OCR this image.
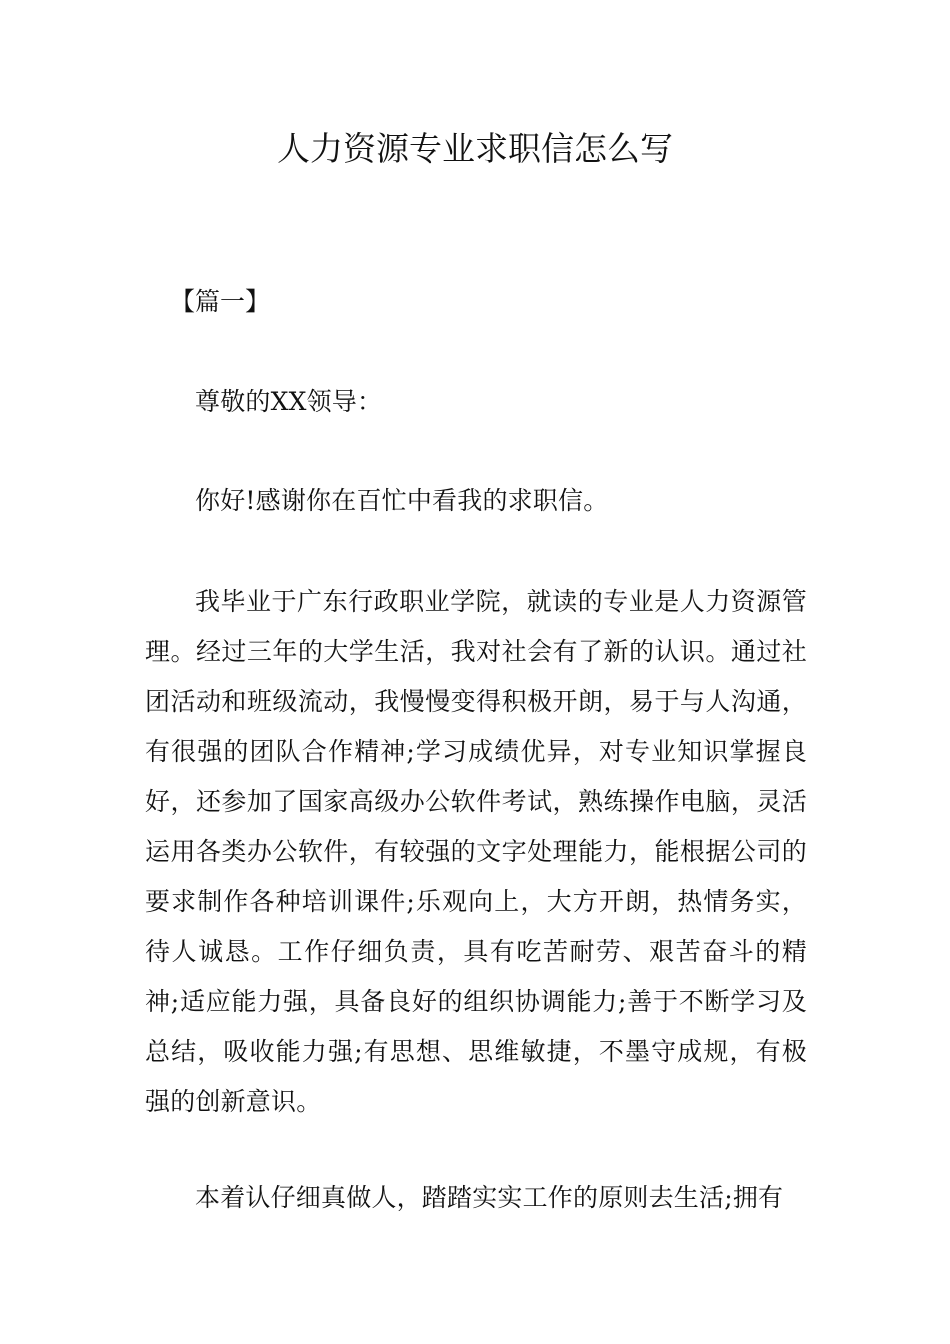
人力资源专业求职信怎么写

【篇一】

尊敬的XX领导：

你好!感谢你在百忙中看我的求职信。

我毕业于广东行政职业学院，就读的专业是人力资源管理。经过三年的大学生活，我对社会有了新的认识。通过社团活动和班级流动，我慢慢变得积极开朗，易于与人沟通，有很强的团队合作精神;学习成绩优异，对专业知识掌握良好，还参加了国家高级办公软件考试，熟练操作电脑，灵活运用各类办公软件，有较强的文字处理能力，能根据公司的要求制作各种培训课件;乐观向上，大方开朗，热情务实，待人诚恳。工作仔细负责，具有吃苦耐劳、艰苦奋斗的精神;适应能力强，具备良好的组织协调能力;善于不断学习及总结，吸收能力强;有思想、思维敏捷，不墨守成规，有极强的创新意识。

本着认仔细真做人，踏踏实实工作的原则去生活;拥有
